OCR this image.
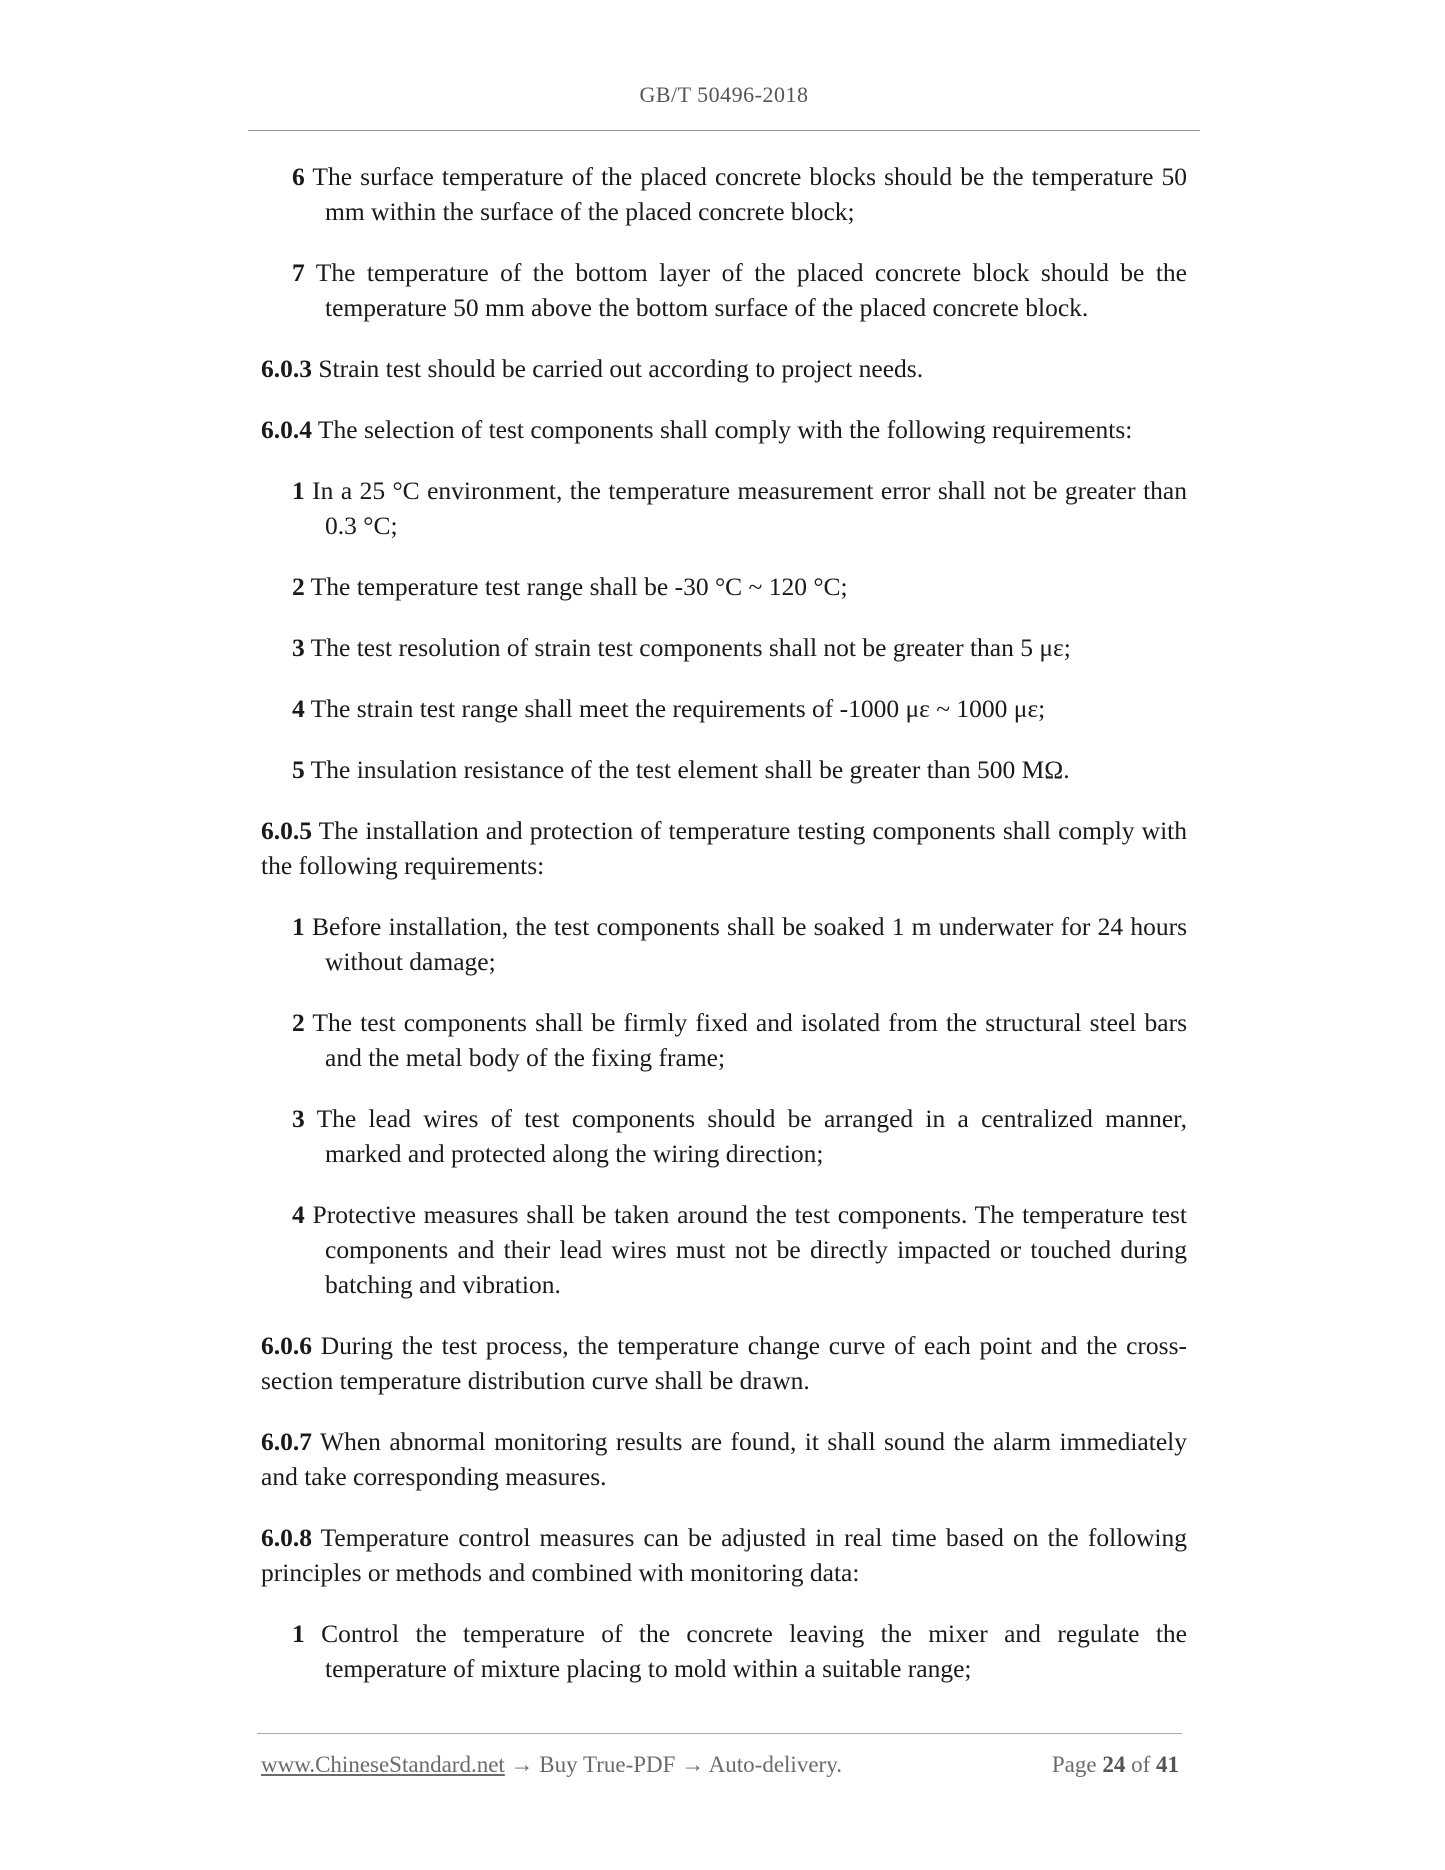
GB/T 50496-2018

6 The surface temperature of the placed concrete blocks should be the temperature 50 mm within the surface of the placed concrete block;

7 The temperature of the bottom layer of the placed concrete block should be the temperature 50 mm above the bottom surface of the placed concrete block.

6.0.3 Strain test should be carried out according to project needs.

6.0.4 The selection of test components shall comply with the following requirements:

1 In a 25 °C environment, the temperature measurement error shall not be greater than 0.3 °C;

2 The temperature test range shall be -30 °C ~ 120 °C;

3 The test resolution of strain test components shall not be greater than 5 με;

4 The strain test range shall meet the requirements of -1000 με ~ 1000 με;

5 The insulation resistance of the test element shall be greater than 500 MΩ.

6.0.5 The installation and protection of temperature testing components shall comply with the following requirements:

1 Before installation, the test components shall be soaked 1 m underwater for 24 hours without damage;

2 The test components shall be firmly fixed and isolated from the structural steel bars and the metal body of the fixing frame;

3 The lead wires of test components should be arranged in a centralized manner, marked and protected along the wiring direction;

4 Protective measures shall be taken around the test components. The temperature test components and their lead wires must not be directly impacted or touched during batching and vibration.

6.0.6 During the test process, the temperature change curve of each point and the cross-section temperature distribution curve shall be drawn.

6.0.7 When abnormal monitoring results are found, it shall sound the alarm immediately and take corresponding measures.

6.0.8 Temperature control measures can be adjusted in real time based on the following principles or methods and combined with monitoring data:

1 Control the temperature of the concrete leaving the mixer and regulate the temperature of mixture placing to mold within a suitable range;

www.ChineseStandard.net → Buy True-PDF → Auto-delivery.	Page 24 of 41
